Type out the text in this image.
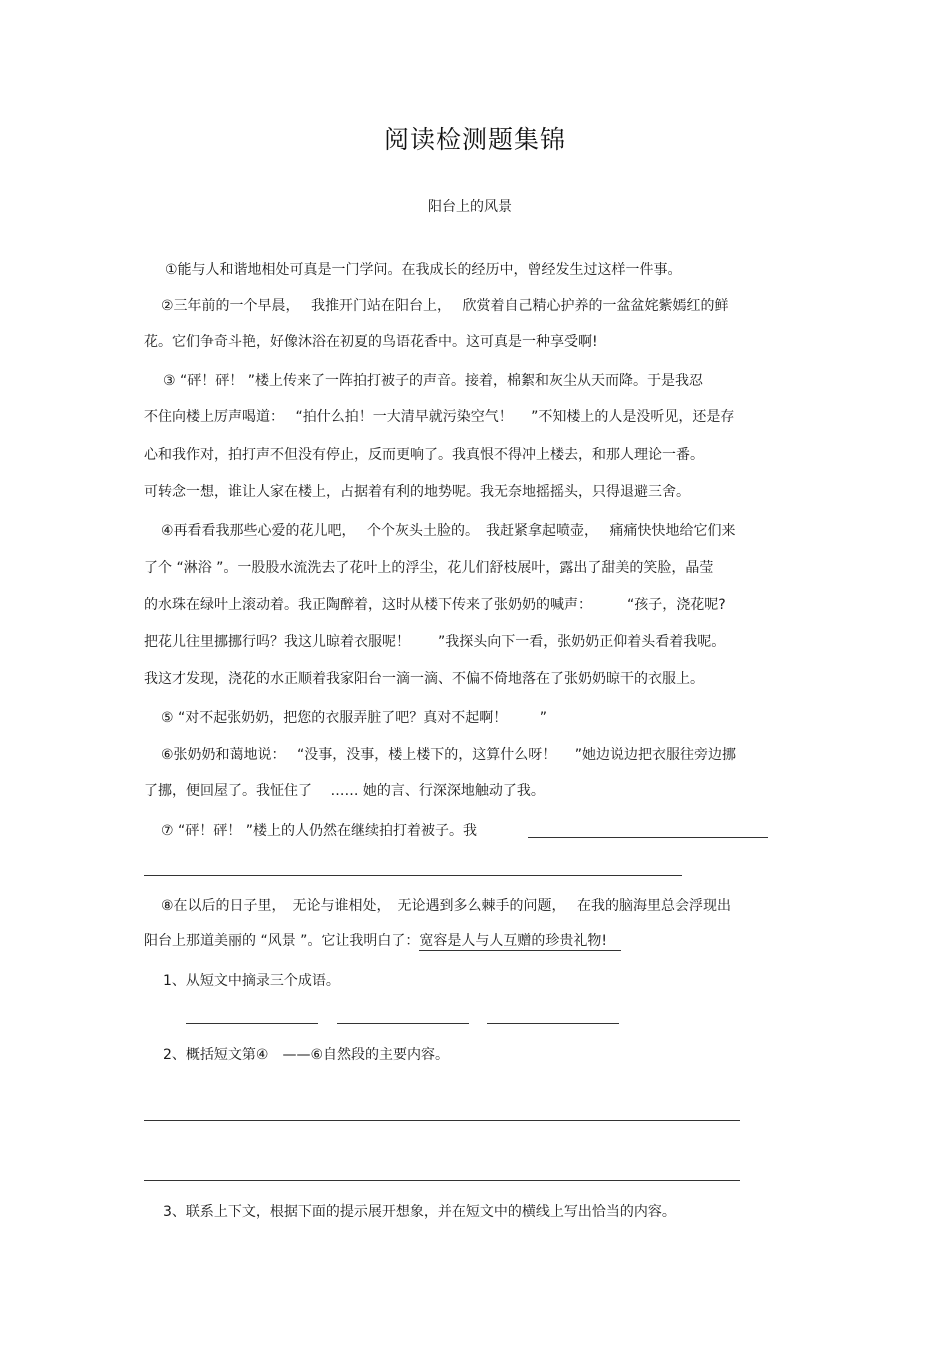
阅读检测题集锦
阳台上的风景
①能与人和谐地相处可真是一门学问。在我成长的经历中，曾经发生过这样一件事。
②三年前的一个早晨，　 我推开门站在阳台上，　 欣赏着自己精心护养的一盆盆姹紫嫣红的鲜
花。它们争奇斗艳，好像沐浴在初夏的鸟语花香中。这可真是一种享受啊!
③ “砰！砰！ ”楼上传来了一阵拍打被子的声音。接着，棉絮和灰尘从天而降。于是我忍
不住向楼上厉声喝道：　 “拍什么拍！一大清早就污染空气！　 ”不知楼上的人是没听见，还是存
心和我作对，拍打声不但没有停止，反而更响了。我真恨不得冲上楼去，和那人理论一番。
可转念一想，谁让人家在楼上，占据着有利的地势呢。我无奈地摇摇头，只得退避三舍。
④再看看我那些心爱的花儿吧，　 个个灰头土脸的。　我赶紧拿起喷壶，　 痛痛快快地给它们来
了个 “淋浴 ”。一股股水流洗去了花叶上的浮尘，花儿们舒枝展叶，露出了甜美的笑脸，晶莹
的水珠在绿叶上滚动着。我正陶醉着，这时从楼下传来了张奶奶的喊声：　　　“孩子，浇花呢?
把花儿往里挪挪行吗？我这儿晾着衣服呢！　　”我探头向下一看，张奶奶正仰着头看着我呢。
我这才发现，浇花的水正顺着我家阳台一滴一滴、不偏不倚地落在了张奶奶晾干的衣服上。
⑤ “对不起张奶奶，把您的衣服弄脏了吧？真对不起啊！　　 ”
⑥张奶奶和蔼地说：　 “没事，没事，楼上楼下的，这算什么呀！　 ”她边说边把衣服往旁边挪
了挪，便回屋了。我怔住了　 …… 她的言、行深深地触动了我。
⑦ “砰！砰！ ”楼上的人仍然在继续拍打着被子。我
⑧在以后的日子里，　无论与谁相处，　无论遇到多么棘手的问题，　 在我的脑海里总会浮现出
阳台上那道美丽的 “风景 ”。它让我明白了：宽容是人与人互赠的珍贵礼物!　
1、从短文中摘录三个成语。
2、概括短文第④　——⑥自然段的主要内容。
3、联系上下文，根据下面的提示展开想象，并在短文中的横线上写出恰当的内容。
